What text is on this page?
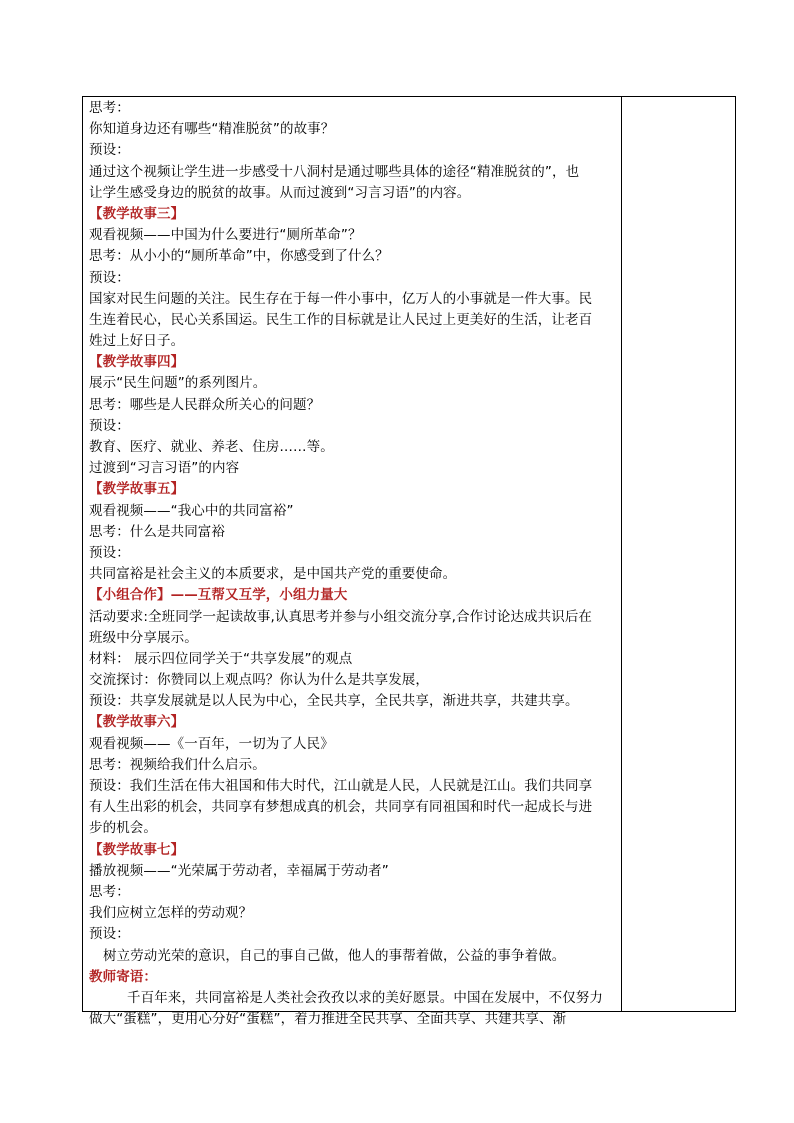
思考：
你知道身边还有哪些“精准脱贫”的故事？
预设：
通过这个视频让学生进一步感受十八洞村是通过哪些具体的途径“精准脱贫的”，也
让学生感受身边的脱贫的故事。从而过渡到“习言习语”的内容。
【教学故事三】
观看视频——中国为什么要进行“厕所革命”？
思考：从小小的“厕所革命”中，你感受到了什么？
预设：
国家对民生问题的关注。民生存在于每一件小事中，亿万人的小事就是一件大事。民
生连着民心，民心关系国运。民生工作的目标就是让人民过上更美好的生活，让老百
姓过上好日子。
【教学故事四】
展示“民生问题”的系列图片。
思考：哪些是人民群众所关心的问题？
预设：
教育、医疗、就业、养老、住房……等。
过渡到“习言习语”的内容
【教学故事五】
观看视频——“我心中的共同富裕”
思考：什么是共同富裕
预设：
共同富裕是社会主义的本质要求，是中国共产党的重要使命。
【小组合作】——互帮又互学，小组力量大
活动要求:全班同学一起读故事,认真思考并参与小组交流分享,合作讨论达成共识后在
班级中分享展示。
材料： 展示四位同学关于“共享发展”的观点
交流探讨：你赞同以上观点吗？你认为什么是共享发展，
预设：共享发展就是以人民为中心，全民共享，全民共享，渐进共享，共建共享。
【教学故事六】
观看视频——《一百年，一切为了人民》
思考：视频给我们什么启示。
预设：我们生活在伟大祖国和伟大时代，江山就是人民，人民就是江山。我们共同享
有人生出彩的机会，共同享有梦想成真的机会，共同享有同祖国和时代一起成长与进
步的机会。
【教学故事七】
播放视频——“光荣属于劳动者，幸福属于劳动者”
思考：
我们应树立怎样的劳动观？
预设：
树立劳动光荣的意识，自己的事自己做，他人的事帮着做，公益的事争着做。
教师寄语：
千百年来，共同富裕是人类社会孜孜以求的美好愿景。中国在发展中，不仅努力
做大“蛋糕”，更用心分好“蛋糕”，着力推进全民共享、全面共享、共建共享、渐
